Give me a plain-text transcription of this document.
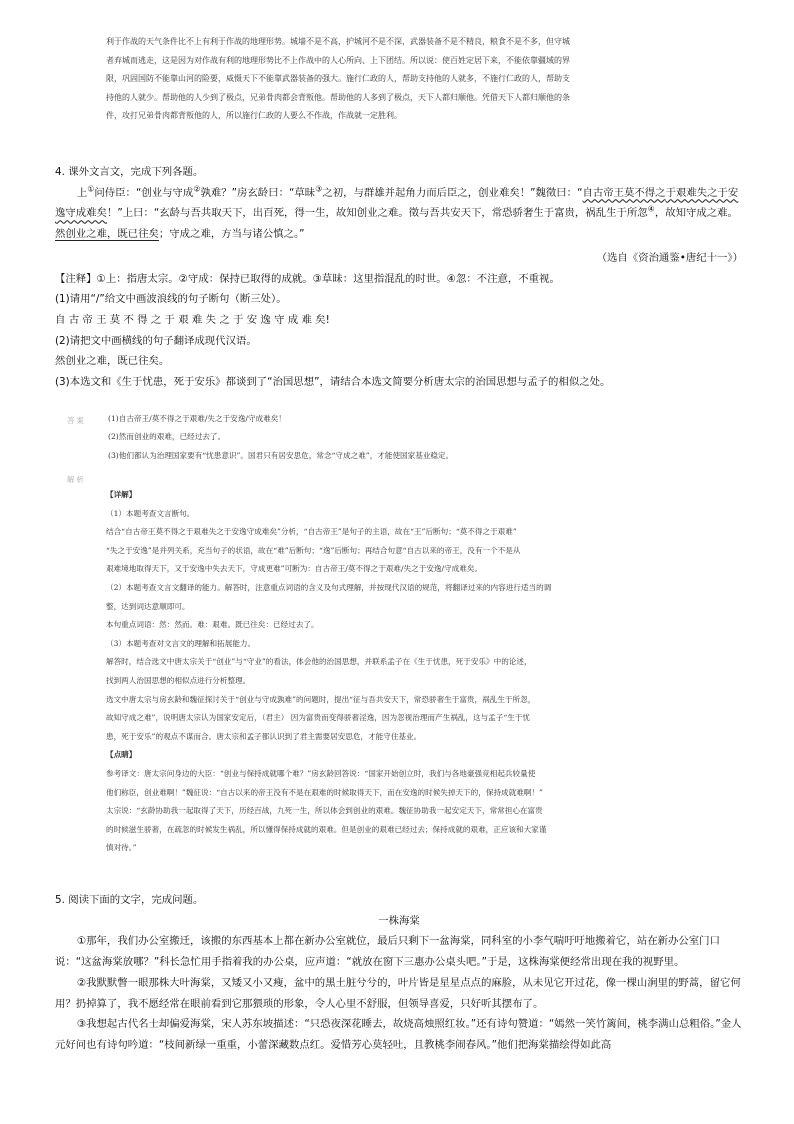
利于作战的天气条件比不上有利于作战的地理形势。城墙不是不高，护城河不是不深，武器装备不是不精良，粮食不是不多，但守城

者弃城而逃走，这是因为对作战有利的地理形势比不上作战中的人心所向、上下团结。所以说：使百姓定居下来，不能依靠疆域的界

限，巩固国防不能靠山河的险要，威慑天下不能靠武器装备的强大。施行仁政的人，帮助支持他的人就多，不施行仁政的人，帮助支

持他的人就少。帮助他的人少到了极点，兄弟骨肉都会背叛他。帮助他的人多到了极点，天下人都归顺他。凭借天下人都归顺他的条

件，攻打兄弟骨肉都背叛他的人，所以施行仁政的人要么不作战，作战就一定胜利。

4. 课外文言文，完成下列各题。

上①问侍臣：“创业与守成②孰难？”房玄龄曰：“草昧③之初，与群雄并起角力而后臣之，创业难矣！”魏徵曰：“自古帝王莫不得之于艰难失之于安逸守成难矣！”上曰：“玄龄与吾共取天下，出百死，得一生，故知创业之难。徵与吾共安天下，常恐骄奢生于富贵，祸乱生于所忽④，故知守成之难。然创业之难，既已往矣；守成之难，方当与诸公慎之。”

（选自《资治通鉴•唐纪十一》）

【注释】①上：指唐太宗。②守成：保持已取得的成就。③草昧：这里指混乱的时世。④忽：不注意，不重视。

(1)请用“/”给文中画波浪线的句子断句（断三处）。

自 古 帝 王 莫 不 得 之 于 艰 难 失 之 于 安 逸 守 成 难 矣!

(2)请把文中画横线的句子翻译成现代汉语。

然创业之难，既已往矣。

(3)本选文和《生于忧患，死于安乐》都谈到了“治国思想”，请结合本选文简要分析唐太宗的治国思想与孟子的相似之处。

答案	(1)自古帝王/莫不得之于艰难/失之于安逸/守成难矣！

(2)然而创业的艰难，已经过去了。

(3)他们都认为治理国家要有“忧患意识”。国君只有居安思危，常念“守成之难”，才能使国家基业稳定。

解析

【详解】

（1）本题考查文言断句。

结合“自古帝王莫不得之于艰难失之于安逸守成难矣”分析，“自古帝王”是句子的主语，故在“王”后断句；“莫不得之于艰难”

“失之于安逸”是并列关系，充当句子的状语，故在“难”后断句；“逸”后断句；再结合句意“自古以来的帝王，没有一个不是从

艰难境地取得天下，又于安逸中失去天下，守成更难”可断为：自古帝王/莫不得之于艰难/失之于安逸/守成难矣。

（2）本题考查文言文翻译的能力。解答时，注意重点词语的含义及句式理解，并按现代汉语的规范，将翻译过来的内容进行适当的调

整，达到词达意顺即可。

本句重点词语：然：然而。难：艰难。既已往矣：已经过去了。

（3）本题考查对文言文的理解和拓展能力。

解答时，结合选文中唐太宗关于“创业”与“守业”的看法，体会他的治国思想，并联系孟子在《生于忧患，死于安乐》中的论述，

找到两人治国思想的相似点进行分析整理。

选文中唐太宗与房玄龄和魏征探讨关于“创业与守成孰难”的问题时，提出“征与吾共安天下，常恐骄奢生于富贵，祸乱生于所忽，

故知守成之难”，说明唐太宗认为国家安定后，（君主） 因为富贵而变得骄奢淫逸，因为忽视治理而产生祸乱，这与孟子“生于忧

患，死于安乐”的观点不谋而合。唐太宗和孟子都认识到了君主需要居安思危，才能守住基业。

【点睛】

参考译文：唐太宗问身边的大臣：“创业与保持成就哪个难？”房玄龄回答说：“国家开始创立时，我们与各地豪强竞相起兵较量使

他们称臣，创业难啊！”魏征说：“自古以来的帝王没有不是在艰难的时候取得天下，而在安逸的时候失掉天下的，保持成就难啊！”

太宗说：“玄龄协助我一起取得了天下，历经百战，九死一生，所以体会到创业的艰难。魏征协助我一起安定天下，常常担心在富贵

的时候滋生骄奢，在疏忽的时候发生祸乱，所以懂得保持成就的艰难。但是创业的艰难已经过去；保持成就的艰难，正应该和大家谨

慎对待。”

5. 阅读下面的文字，完成问题。

一株海棠

①那年，我们办公室搬迁，该搬的东西基本上都在新办公室就位，最后只剩下一盆海棠，同科室的小李气喘吁吁地搬着它，站在新办公室门口说：“这盆海棠放哪？”科长急忙用手指着我的办公桌，应声道：“就放在窗下三惠办公桌头吧。”于是，这株海棠便经常出现在我的视野里。

②我默默瞥一眼那株大叶海棠，又矮又小又瘦，盆中的黑土脏兮兮的，叶片皆是星星点点的麻脸，从未见它开过花，像一棵山涧里的野蒿，留它何用？扔掉算了，我不愿经常在眼前看到它那猥琐的形象，令人心里不舒服，但领导喜爱，只好听其摆布了。

③我想起古代名士却偏爱海棠，宋人苏东坡描述：“只恐夜深花睡去，故烧高烛照红妆。”还有诗句赞道：“嫣然一笑竹篱间，桃李满山总粗俗。”金人元好问也有诗句吟道：“枝间新绿一重重，小蕾深藏数点红。爱惜芳心莫轻吐，且教桃李闹春风。”他们把海棠描绘得如此高
